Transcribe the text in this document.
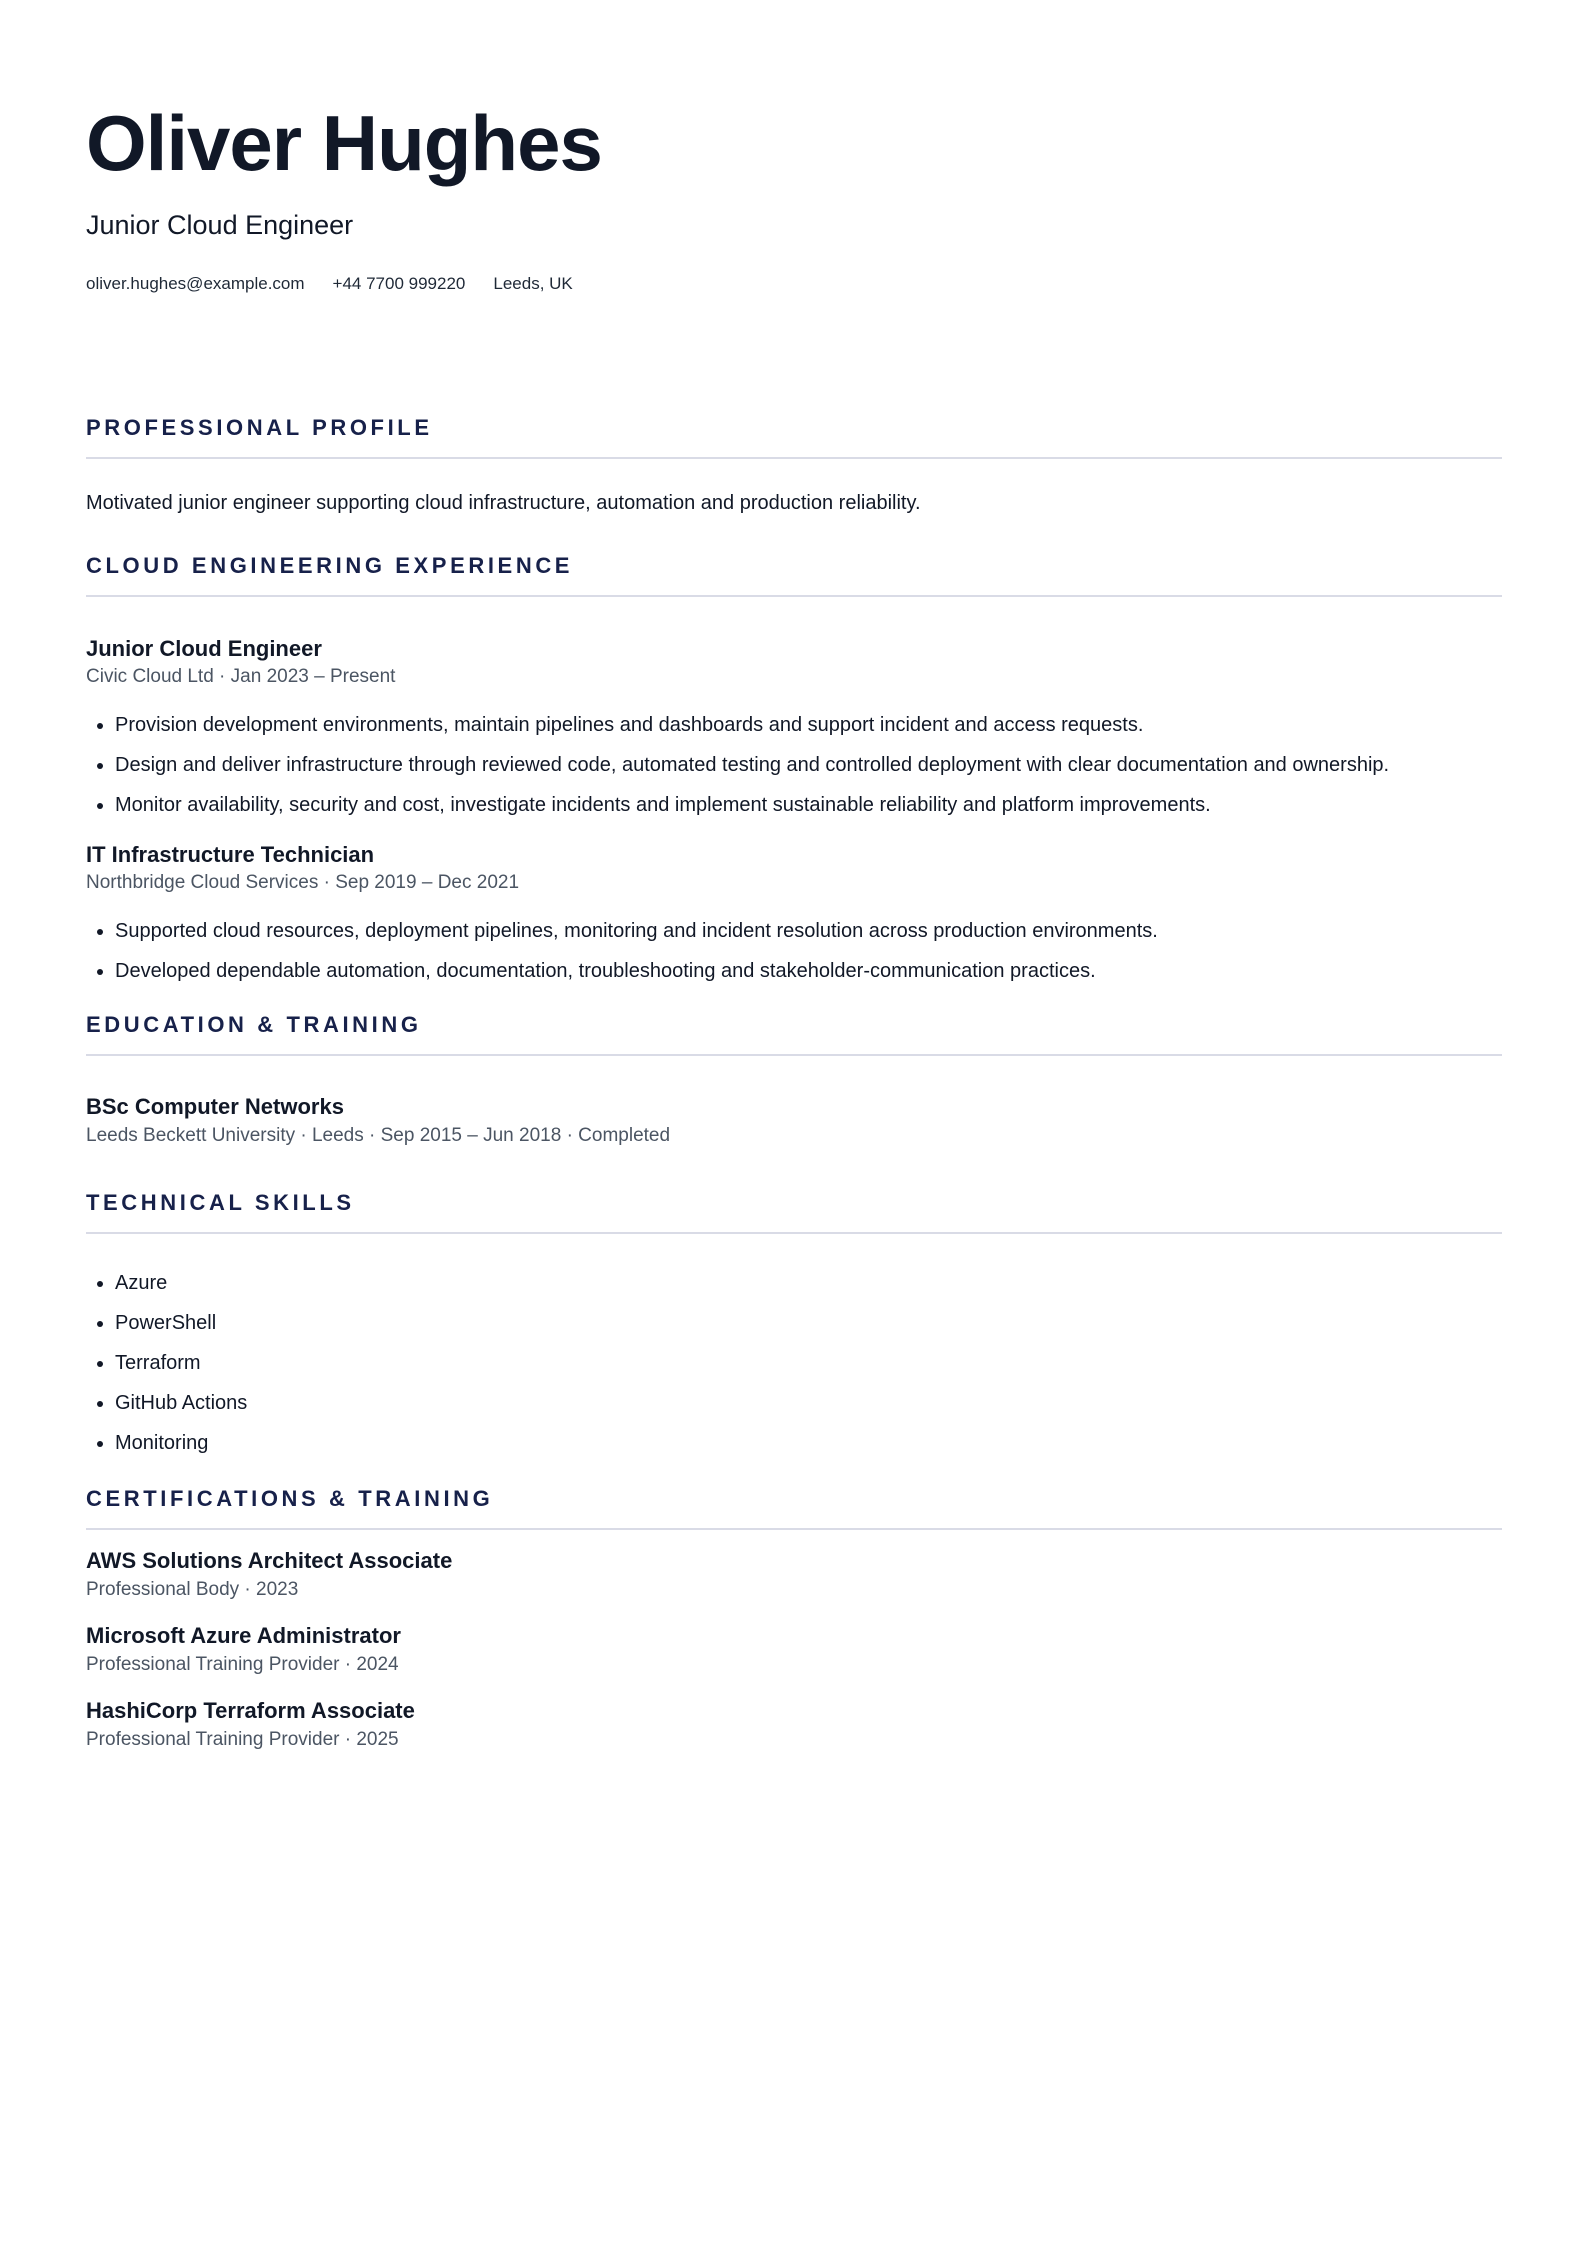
Oliver Hughes
Junior Cloud Engineer
oliver.hughes@example.com +44 7700 999220 Leeds, UK
PROFESSIONAL PROFILE

Motivated junior engineer supporting cloud infrastructure, automation and production reliability.

CLOUD ENGINEERING EXPERIENCE
Junior Cloud Engineer
Civic Cloud Ltd · Jan 2023 – Present
• Provision development environments, maintain pipelines and dashboards and support incident and access requests.
• Design and deliver infrastructure through reviewed code, automated testing and controlled deployment with clear documentation and ownership.
• Monitor availability, security and cost, investigate incidents and implement sustainable reliability and platform improvements.
IT Infrastructure Technician
Northbridge Cloud Services · Sep 2019 – Dec 2021
• Supported cloud resources, deployment pipelines, monitoring and incident resolution across production environments.
• Developed dependable automation, documentation, troubleshooting and stakeholder-communication practices.
EDUCATION & TRAINING
BSc Computer Networks
Leeds Beckett University · Leeds · Sep 2015 – Jun 2018 · Completed
TECHNICAL SKILLS
• Azure
• PowerShell
• Terraform
• GitHub Actions
• Monitoring
CERTIFICATIONS & TRAINING
AWS Solutions Architect Associate
Professional Body · 2023
Microsoft Azure Administrator
Professional Training Provider · 2024
HashiCorp Terraform Associate
Professional Training Provider · 2025
